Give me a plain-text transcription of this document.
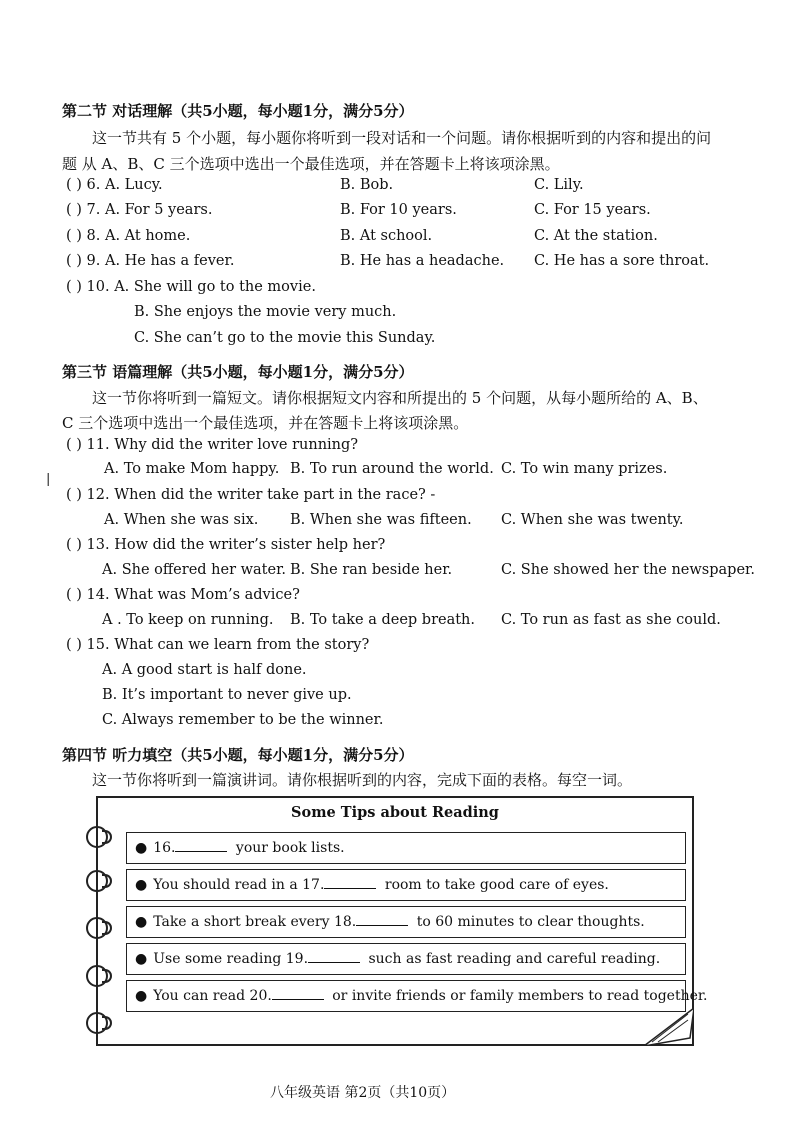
第二节 对话理解（共5小题，每小题1分，满分5分）
这一节共有 5 个小题，每小题你将听到一段对话和一个问题。请你根据听到的内容和提出的问
题 从 A、B、C 三个选项中选出一个最佳选项，并在答题卡上将该项涂黑。
( ) 6. A. Lucy.	B. Bob.	C. Lily.
( ) 7. A. For 5 years.	B. For 10 years.	C. For 15 years.
( ) 8. A. At home.	B. At school.	C. At the station.
( ) 9. A. He has a fever.	B. He has a headache. C. He has a sore throat.
( ) 10. A. She will go to the movie.
B. She enjoys the movie very much.
C. She can’t go to the movie this Sunday.
第三节 语篇理解（共5小题，每小题1分，满分5分）
这一节你将听到一篇短文。请你根据短文内容和所提出的 5 个问题，从每小题所给的 A、B、
C 三个选项中选出一个最佳选项，并在答题卡上将该项涂黑。
( ) 11. Why did the writer love running?
A. To make Mom happy. B. To run around the world. C. To win many prizes.
|
( ) 12. When did the writer take part in the race? -
A. When she was six. B. When she was fifteen. C. When she was twenty.
( ) 13. How did the writer’s sister help her?
A. She offered her water. B. She ran beside her.	C. She showed her the newspaper.
( ) 14. What was Mom’s advice?
A . To keep on running. B. To take a deep breath. C. To run as fast as she could.
( ) 15. What can we learn from the story?
A. A good start is half done.
B. It’s important to never give up.
C. Always remember to be the winner.
第四节 听力填空（共5小题，每小题1分，满分5分）
这一节你将听到一篇演讲词。请你根据听到的内容，完成下面的表格。每空一词。
Some Tips about Reading
● 16.	your book lists.
● You should read in a 17.	room to take good care of eyes.
● Take a short break every 18.	to 60 minutes to clear thoughts.
● Use some reading 19.	such as fast reading and careful reading.
● You can read 20.	or invite friends or family members to read together.
八年级英语 第2页（共10页）
